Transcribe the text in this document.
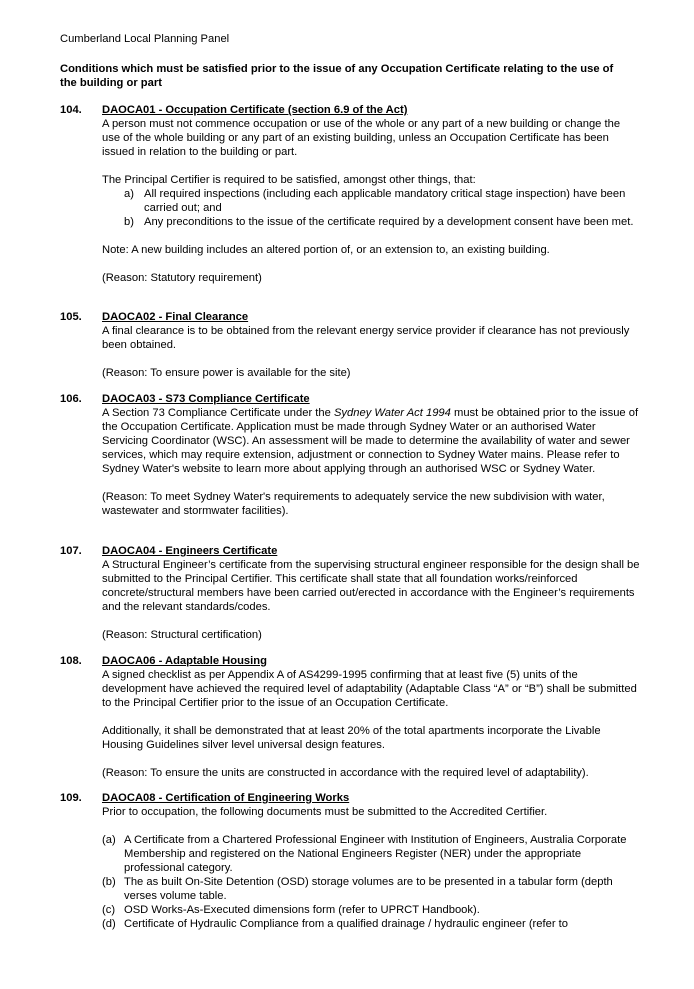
Cumberland Local Planning Panel
Conditions which must be satisfied prior to the issue of any Occupation Certificate relating to the use of the building or part
104. DAOCA01 - Occupation Certificate (section 6.9 of the Act)

A person must not commence occupation or use of the whole or any part of a new building or change the use of the whole building or any part of an existing building, unless an Occupation Certificate has been issued in relation to the building or part.

The Principal Certifier is required to be satisfied, amongst other things, that:

a) All required inspections (including each applicable mandatory critical stage inspection) have been carried out; and
b) Any preconditions to the issue of the certificate required by a development consent have been met.

Note: A new building includes an altered portion of, or an extension to, an existing building.

(Reason: Statutory requirement)

105. DAOCA02 - Final Clearance

A final clearance is to be obtained from the relevant energy service provider if clearance has not previously been obtained.

(Reason: To ensure power is available for the site)

106. DAOCA03 - S73 Compliance Certificate

A Section 73 Compliance Certificate under the Sydney Water Act 1994 must be obtained prior to the issue of the Occupation Certificate. Application must be made through Sydney Water or an authorised Water Servicing Coordinator (WSC). An assessment will be made to determine the availability of water and sewer services, which may require extension, adjustment or connection to Sydney Water mains. Please refer to Sydney Water's website to learn more about applying through an authorised WSC or Sydney Water.

(Reason: To meet Sydney Water's requirements to adequately service the new subdivision with water, wastewater and stormwater facilities).

107. DAOCA04 - Engineers Certificate

A Structural Engineer’s certificate from the supervising structural engineer responsible for the design shall be submitted to the Principal Certifier. This certificate shall state that all foundation works/reinforced concrete/structural members have been carried out/erected in accordance with the Engineer’s requirements and the relevant standards/codes.

(Reason: Structural certification)

108. DAOCA06 - Adaptable Housing

A signed checklist as per Appendix A of AS4299-1995 confirming that at least five (5) units of the development have achieved the required level of adaptability (Adaptable Class “A” or “B”) shall be submitted to the Principal Certifier prior to the issue of an Occupation Certificate.

Additionally, it shall be demonstrated that at least 20% of the total apartments incorporate the Livable Housing Guidelines silver level universal design features.

(Reason: To ensure the units are constructed in accordance with the required level of adaptability).

109. DAOCA08 - Certification of Engineering Works

Prior to occupation, the following documents must be submitted to the Accredited Certifier.

(a) A Certificate from a Chartered Professional Engineer with Institution of Engineers, Australia Corporate Membership and registered on the National Engineers Register (NER) under the appropriate professional category.
(b) The as built On-Site Detention (OSD) storage volumes are to be presented in a tabular form (depth verses volume table.
(c) OSD Works-As-Executed dimensions form (refer to UPRCT Handbook).
(d) Certificate of Hydraulic Compliance from a qualified drainage / hydraulic engineer (refer to
